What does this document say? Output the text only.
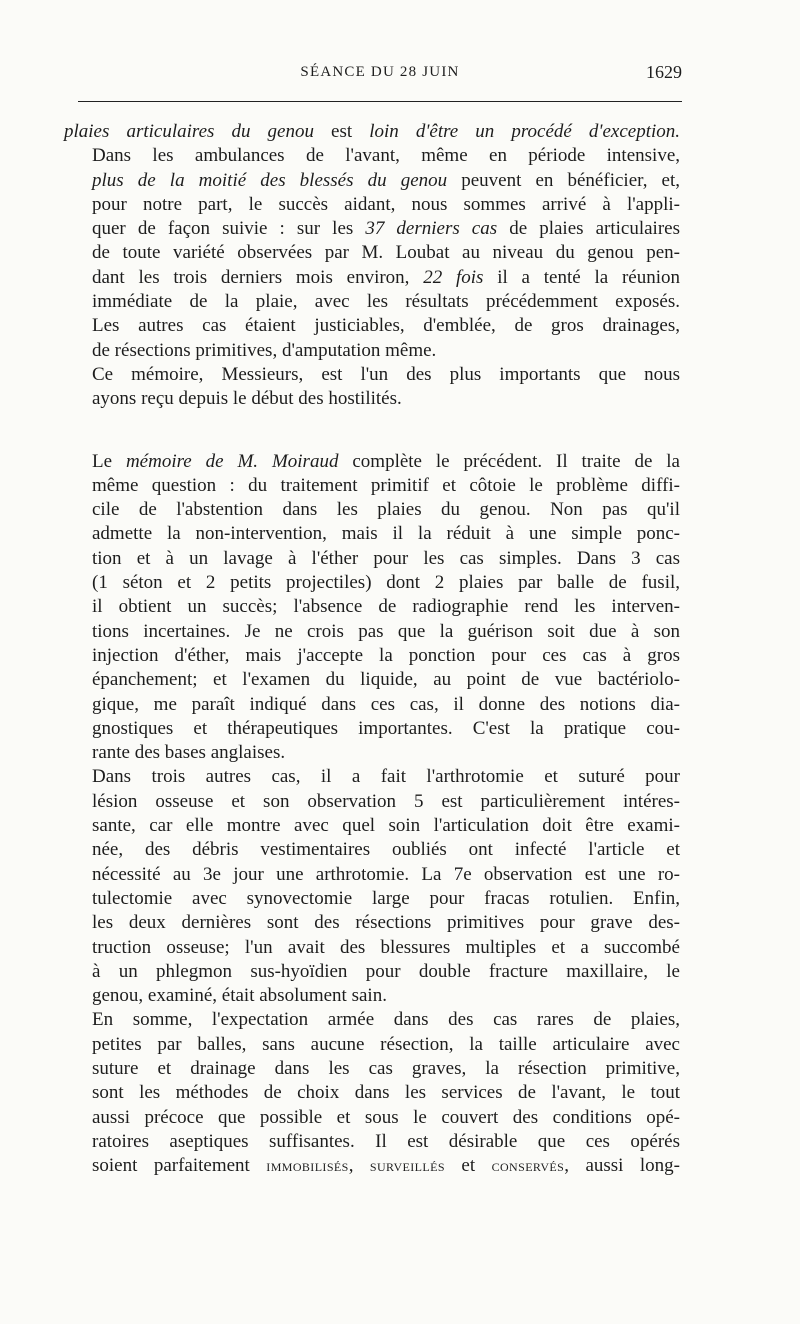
SÉANCE DU 28 JUIN	1629

plaies articulaires du genou est loin d'être un procédé d'exception.

Dans les ambulances de l'avant, même en période intensive,
plus de la moitié des blessés du genou peuvent en bénéficier, et,
pour notre part, le succès aidant, nous sommes arrivé à l'appli-
quer de façon suivie : sur les 37 derniers cas de plaies articulaires
de toute variété observées par M. Loubat au niveau du genou pen-
dant les trois derniers mois environ, 22 fois il a tenté la réunion
immédiate de la plaie, avec les résultats précédemment exposés.
Les autres cas étaient justiciables, d'emblée, de gros drainages,
de résections primitives, d'amputation même.

Ce mémoire, Messieurs, est l'un des plus importants que nous
ayons reçu depuis le début des hostilités.

Le mémoire de M. Moiraud complète le précédent. Il traite de la
même question : du traitement primitif et côtoie le problème diffi-
cile de l'abstention dans les plaies du genou. Non pas qu'il
admette la non-intervention, mais il la réduit à une simple ponc-
tion et à un lavage à l'éther pour les cas simples. Dans 3 cas
(1 séton et 2 petits projectiles) dont 2 plaies par balle de fusil,
il obtient un succès; l'absence de radiographie rend les interven-
tions incertaines. Je ne crois pas que la guérison soit due à son
injection d'éther, mais j'accepte la ponction pour ces cas à gros
épanchement; et l'examen du liquide, au point de vue bactériolo-
gique, me paraît indiqué dans ces cas, il donne des notions dia-
gnostiques et thérapeutiques importantes. C'est la pratique cou-
rante des bases anglaises.

Dans trois autres cas, il a fait l'arthrotomie et suturé pour
lésion osseuse et son observation 5 est particulièrement intéres-
sante, car elle montre avec quel soin l'articulation doit être exami-
née, des débris vestimentaires oubliés ont infecté l'article et
nécessité au 3e jour une arthrotomie. La 7e observation est une ro-
tulectomie avec synovectomie large pour fracas rotulien. Enfin,
les deux dernières sont des résections primitives pour grave des-
truction osseuse; l'un avait des blessures multiples et a succombé
à un phlegmon sus-hyoïdien pour double fracture maxillaire, le
genou, examiné, était absolument sain.

En somme, l'expectation armée dans des cas rares de plaies,
petites par balles, sans aucune résection, la taille articulaire avec
suture et drainage dans les cas graves, la résection primitive,
sont les méthodes de choix dans les services de l'avant, le tout
aussi précoce que possible et sous le couvert des conditions opé-
ratoires aseptiques suffisantes. Il est désirable que ces opérés
soient parfaitement immobilisés, surveillés et conservés, aussi long-
